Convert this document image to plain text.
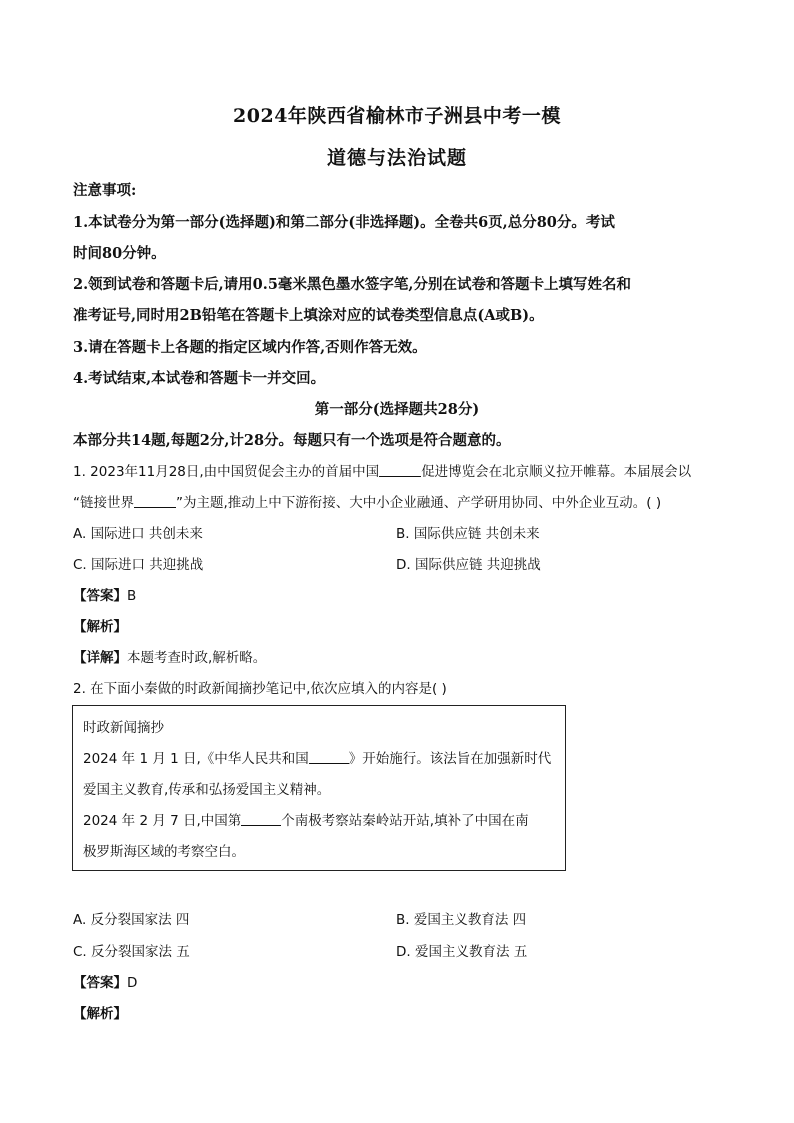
2024年陕西省榆林市子洲县中考一模
道德与法治试题
注意事项:
1.本试卷分为第一部分(选择题)和第二部分(非选择题)。全卷共6页,总分80分。考试
时间80分钟。
2.领到试卷和答题卡后,请用0.5毫米黑色墨水签字笔,分别在试卷和答题卡上填写姓名和
准考证号,同时用2B铅笔在答题卡上填涂对应的试卷类型信息点(A或B)。
3.请在答题卡上各题的指定区域内作答,否则作答无效。
4.考试结束,本试卷和答题卡一并交回。
第一部分(选择题共28分)
本部分共14题,每题2分,计28分。每题只有一个选项是符合题意的。
1. 2023年11月28日,由中国贸促会主办的首届中国	促进博览会在北京顺义拉开帷幕。本届展会以
“链接世界	”为主题,推动上中下游衔接、大中小企业融通、产学研用协同、中外企业互动。( )
A. 国际进口 共创未来	B. 国际供应链 共创未来
C. 国际进口 共迎挑战	D. 国际供应链 共迎挑战
【答案】B
【解析】
【详解】本题考查时政,解析略。
2. 在下面小秦做的时政新闻摘抄笔记中,依次应填入的内容是( )
时政新闻摘抄
2024 年 1 月 1 日,《中华人民共和国	》开始施行。该法旨在加强新时代
爱国主义教育,传承和弘扬爱国主义精神。
2024 年 2 月 7 日,中国第	个南极考察站秦岭站开站,填补了中国在南
极罗斯海区域的考察空白。
A. 反分裂国家法 四	B. 爱国主义教育法 四
C. 反分裂国家法 五	D. 爱国主义教育法 五
【答案】D
【解析】
